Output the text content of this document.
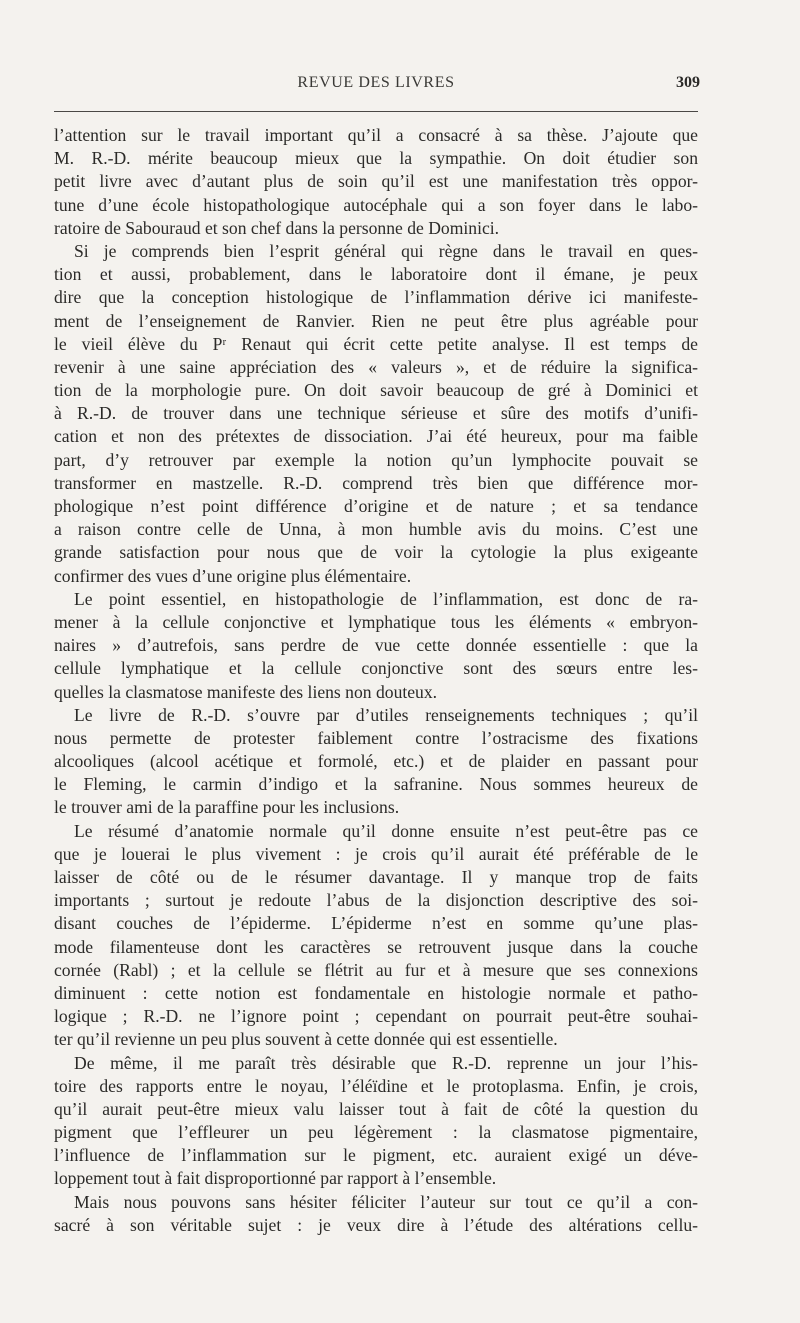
REVUE DES LIVRES	309
l’attention sur le travail important qu’il a consacré à sa thèse. J’ajoute que
M. R.-D. mérite beaucoup mieux que la sympathie. On doit étudier son
petit livre avec d’autant plus de soin qu’il est une manifestation très oppor-
tune d’une école histopathologique autocéphale qui a son foyer dans le labo-
ratoire de Sabouraud et son chef dans la personne de Dominici.
Si je comprends bien l’esprit général qui règne dans le travail en ques-
tion et aussi, probablement, dans le laboratoire dont il émane, je peux
dire que la conception histologique de l’inflammation dérive ici manifeste-
ment de l’enseignement de Ranvier. Rien ne peut être plus agréable pour
le vieil élève du Pʳ Renaut qui écrit cette petite analyse. Il est temps de
revenir à une saine appréciation des « valeurs », et de réduire la significa-
tion de la morphologie pure. On doit savoir beaucoup de gré à Dominici et
à R.-D. de trouver dans une technique sérieuse et sûre des motifs d’unifi-
cation et non des prétextes de dissociation. J’ai été heureux, pour ma faible
part, d’y retrouver par exemple la notion qu’un lymphocite pouvait se
transformer en mastzelle. R.-D. comprend très bien que différence mor-
phologique n’est point différence d’origine et de nature ; et sa tendance
a raison contre celle de Unna, à mon humble avis du moins. C’est une
grande satisfaction pour nous que de voir la cytologie la plus exigeante
confirmer des vues d’une origine plus élémentaire.
Le point essentiel, en histopathologie de l’inflammation, est donc de ra-
mener à la cellule conjonctive et lymphatique tous les éléments « embryon-
naires » d’autrefois, sans perdre de vue cette donnée essentielle : que la
cellule lymphatique et la cellule conjonctive sont des sœurs entre les-
quelles la clasmatose manifeste des liens non douteux.
Le livre de R.-D. s’ouvre par d’utiles renseignements techniques ; qu’il
nous permette de protester faiblement contre l’ostracisme des fixations
alcooliques (alcool acétique et formolé, etc.) et de plaider en passant pour
le Fleming, le carmin d’indigo et la safranine. Nous sommes heureux de
le trouver ami de la paraffine pour les inclusions.
Le résumé d’anatomie normale qu’il donne ensuite n’est peut-être pas ce
que je louerai le plus vivement : je crois qu’il aurait été préférable de le
laisser de côté ou de le résumer davantage. Il y manque trop de faits
importants ; surtout je redoute l’abus de la disjonction descriptive des soi-
disant couches de l’épiderme. L’épiderme n’est en somme qu’une plas-
mode filamenteuse dont les caractères se retrouvent jusque dans la couche
cornée (Rabl) ; et la cellule se flétrit au fur et à mesure que ses connexions
diminuent : cette notion est fondamentale en histologie normale et patho-
logique ; R.-D. ne l’ignore point ; cependant on pourrait peut-être souhai-
ter qu’il revienne un peu plus souvent à cette donnée qui est essentielle.
De même, il me paraît très désirable que R.-D. reprenne un jour l’his-
toire des rapports entre le noyau, l’éléïdine et le protoplasma. Enfin, je crois,
qu’il aurait peut-être mieux valu laisser tout à fait de côté la question du
pigment que l’effleurer un peu légèrement : la clasmatose pigmentaire,
l’influence de l’inflammation sur le pigment, etc. auraient exigé un déve-
loppement tout à fait disproportionné par rapport à l’ensemble.
Mais nous pouvons sans hésiter féliciter l’auteur sur tout ce qu’il a con-
sacré à son véritable sujet : je veux dire à l’étude des altérations cellu-
